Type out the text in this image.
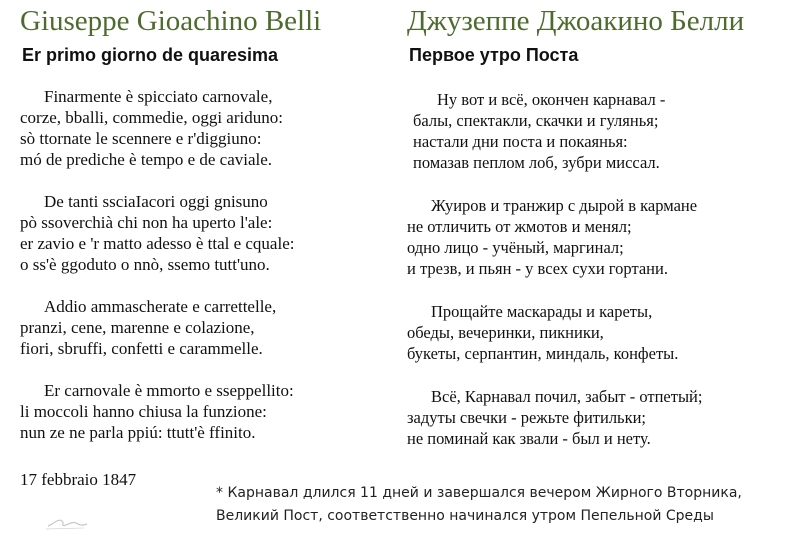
Giuseppe Gioachino Belli
Er primo giorno de quaresima
Finarmente è spicciato carnovale,
corze, bballi, commedie, oggi ariduno:
sò ttornate le scennere e r'diggiuno:
mó de prediche è tempo e de caviale.
De tanti ssciaIacori oggi gnisuno
pò ssoverchià chi non ha uperto l'ale:
er zavio e 'r matto adesso è ttal e cquale:
o ss'è ggoduto o nnò, ssemo tutt'uno.
Addio ammascherate e carrettelle,
pranzi, cene, marenne e colazione,
fiori, sbruffi, confetti e carammelle.
Er carnovale è mmorto e sseppellito:
li moccoli hanno chiusa la funzione:
nun ze ne parla ppiú: ttutt'è ffinito.
Джузеппе Джоакино Белли
Первое утро Поста
Ну вот и всё, окончен карнавал -
балы, спектакли, скачки и гулянья;
настали дни поста и покаянья:
помазав пеплом лоб, зубри миссал.
Жуиров и транжир с дырой в кармане
не отличить от жмотов и менял;
одно лицо - учёный, маргинал;
и трезв, и пьян - у всех сухи гортани.
Прощайте маскарады и кареты,
обеды, вечеринки, пикники,
букеты, серпантин, миндаль, конфеты.
Всё, Карнавал почил, забыт - отпетый;
задуты свечки - режьте фитильки;
не поминай как звали - был и нету.
17 febbraio 1847
* Карнавал длился 11 дней и завершался вечером Жирного Вторника,
Великий Пост, соответственно начинался утром Пепельной Среды
